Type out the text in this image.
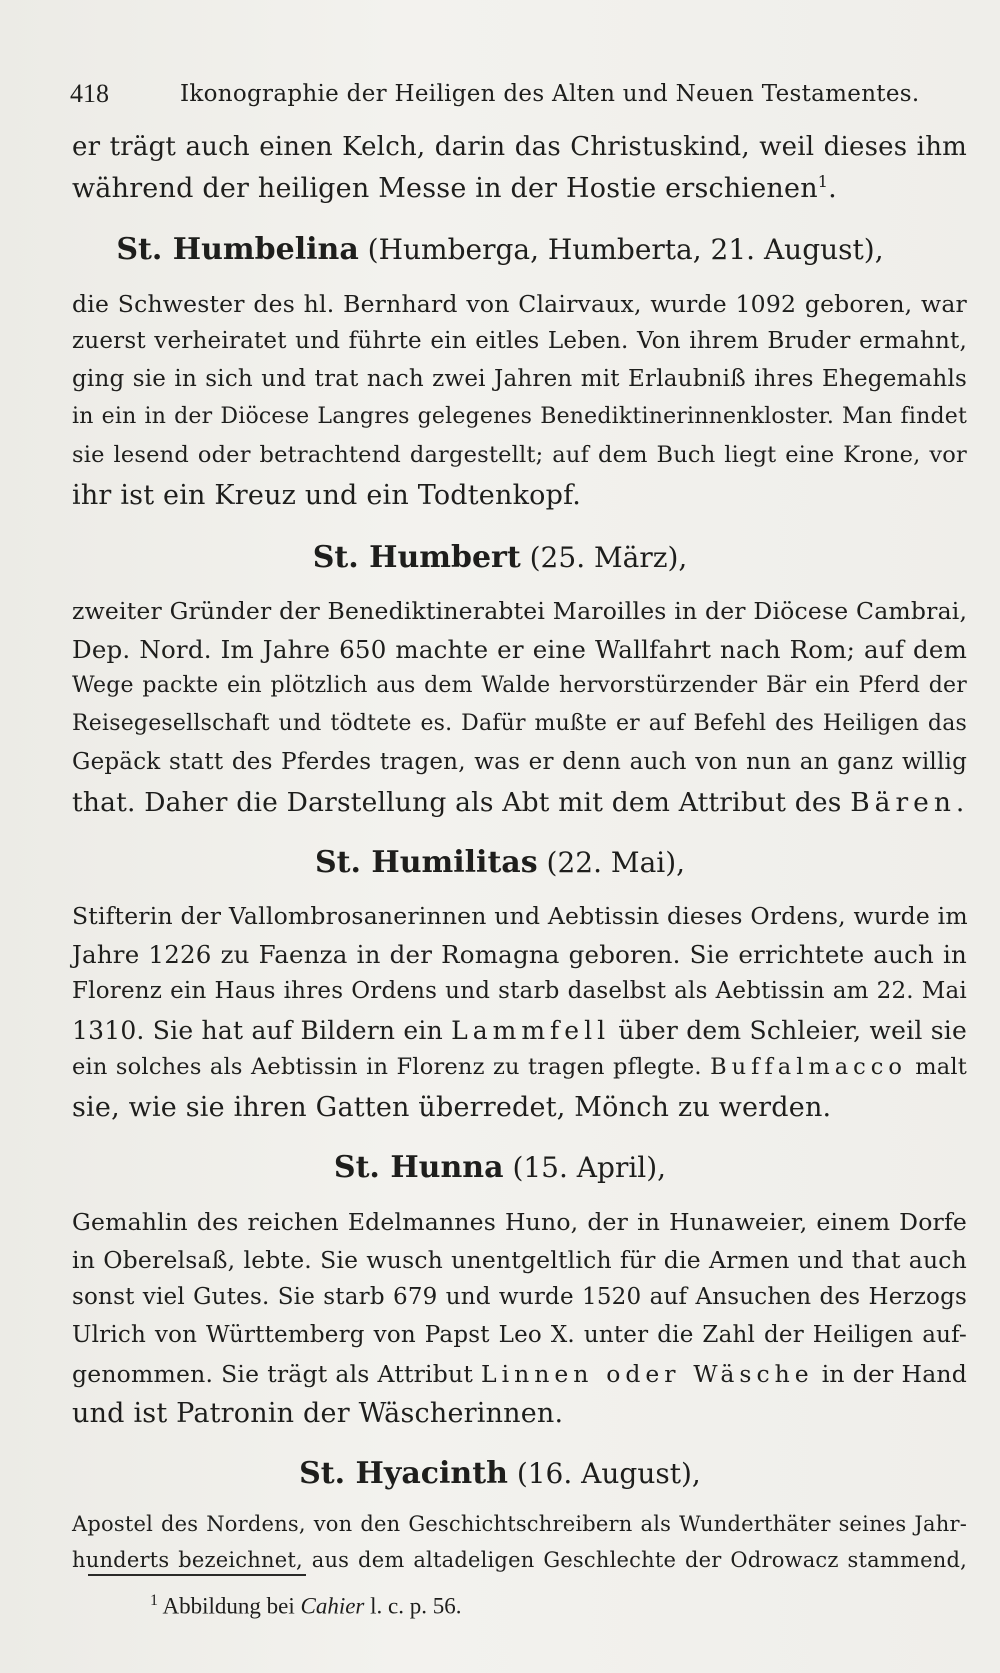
418	Ikonographie der Heiligen des Alten und Neuen Testamentes.
er trägt auch einen Kelch, darin das Christuskind, weil dieses ihm
während der heiligen Messe in der Hostie erschienen$^1$.
St. Humbelina (Humberga, Humberta, 21. August),
die Schwester des hl. Bernhard von Clairvaux, wurde 1092 geboren, war
zuerst verheiratet und führte ein eitles Leben. Von ihrem Bruder ermahnt,
ging sie in sich und trat nach zwei Jahren mit Erlaubniß ihres Ehegemahls
in ein in der Diöcese Langres gelegenes Benediktinerinnenkloster. Man findet
sie lesend oder betrachtend dargestellt; auf dem Buch liegt eine Krone, vor
ihr ist ein Kreuz und ein Todtenkopf.
St. Humbert (25. März),
zweiter Gründer der Benediktinerabtei Maroilles in der Diöcese Cambrai,
Dep. Nord. Im Jahre 650 machte er eine Wallfahrt nach Rom; auf dem
Wege packte ein plötzlich aus dem Walde hervorstürzender Bär ein Pferd der
Reisegesellschaft und tödtete es. Dafür mußte er auf Befehl des Heiligen das
Gepäck statt des Pferdes tragen, was er denn auch von nun an ganz willig
that. Daher die Darstellung als Abt mit dem Attribut des Bären.
St. Humilitas (22. Mai),
Stifterin der Vallombrosanerinnen und Aebtissin dieses Ordens, wurde im
Jahre 1226 zu Faenza in der Romagna geboren. Sie errichtete auch in
Florenz ein Haus ihres Ordens und starb daselbst als Aebtissin am 22. Mai
1310. Sie hat auf Bildern ein Lammfell über dem Schleier, weil sie
ein solches als Aebtissin in Florenz zu tragen pflegte. Buffalmacco malt
sie, wie sie ihren Gatten überredet, Mönch zu werden.
St. Hunna (15. April),
Gemahlin des reichen Edelmannes Huno, der in Hunaweier, einem Dorfe
in Oberelsaß, lebte. Sie wusch unentgeltlich für die Armen und that auch
sonst viel Gutes. Sie starb 679 und wurde 1520 auf Ansuchen des Herzogs
Ulrich von Württemberg von Papst Leo X. unter die Zahl der Heiligen auf-
genommen. Sie trägt als Attribut Linnen oder Wäsche in der Hand
und ist Patronin der Wäscherinnen.
St. Hyacinth (16. August),
Apostel des Nordens, von den Geschichtschreibern als Wunderthäter seines Jahr-
hunderts bezeichnet, aus dem altadeligen Geschlechte der Odrowacz stammend,
$^1$ Abbildung bei Cahier l. c. p. 56.
